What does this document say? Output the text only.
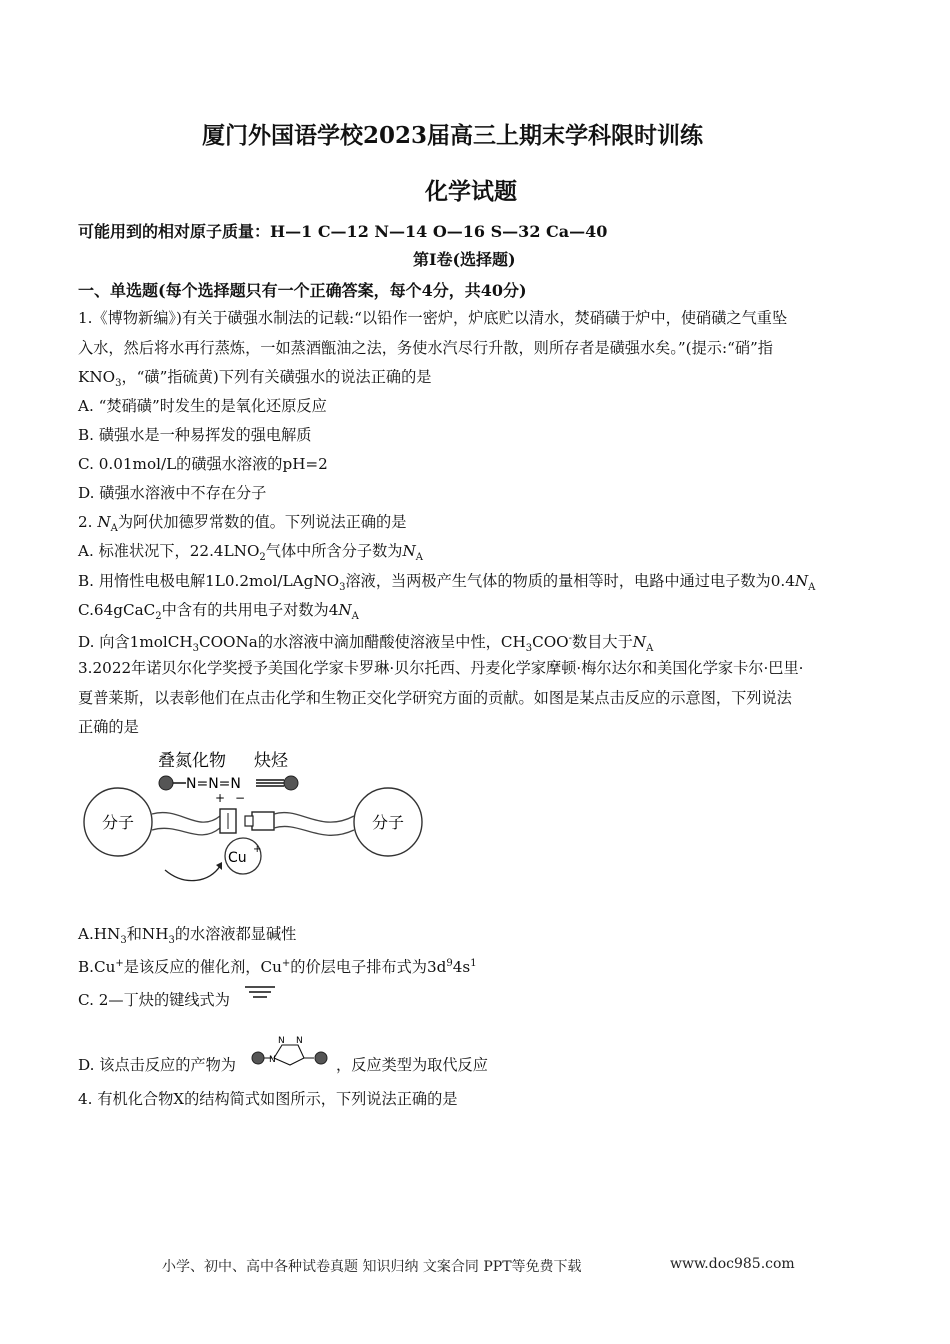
厦门外国语学校2023届高三上期末学科限时训练
化学试题
可能用到的相对原子质量：H—1 C—12 N—14 O—16 S—32 Ca—40
第Ⅰ卷(选择题)
一、单选题(每个选择题只有一个正确答案，每个4分，共40分)
1.《博物新编》)有关于磺强水制法的记载:“以铅作一密炉，炉底贮以清水，焚硝磺于炉中，使硝磺之气重坠
入水，然后将水再行蒸炼，一如蒸酒甑油之法，务使水汽尽行升散，则所存者是磺强水矣。”(提示:“硝”指
$KNO_3$，“磺”指硫黄)下列有关磺强水的说法正确的是
A. “焚硝磺”时发生的是氧化还原反应
B. 磺强水是一种易挥发的强电解质
C. 0.01mol/L的磺强水溶液的pH=2
D. 磺强水溶液中不存在分子
2. $N_A$为阿伏加德罗常数的值。下列说法正确的是
A. 标准状况下，$22.4LNO_2$气体中所含分子数为$N_A$
B. 用惰性电极电解1L0.2mol/LAgNO$_3$溶液，当两极产生气体的物质的量相等时，电路中通过电子数为$0.4N_A$
C.64gCaC$_2$中含有的共用电子对数为$4N_A$
D. 向含1molCH$_3$COONa的水溶液中滴加醋酸使溶液呈中性，$CH_3COO^-$数目大于$N_A$
3.2022年诺贝尔化学奖授予美国化学家卡罗琳·贝尔托西、丹麦化学家摩顿·梅尔达尔和美国化学家卡尔·巴里·
夏普莱斯，以表彰他们在点击化学和生物正交化学研究方面的贡献。如图是某点击反应的示意图，下列说法
正确的是
叠氮化物 炔烃
N=N=N
+ −
分子	分子
Cu
+
$A.HN_3$和$NH_3$的水溶液都显碱性
B.Cu+是该反应的催化剂，Cu+的价层电子排布式为$3d^94s^1$
C. 2—丁炔的键线式为
D. 该点击反应的产物为	N
N N
，反应类型为取代反应
4. 有机化合物X的结构简式如图所示，下列说法正确的是
小学、初中、高中各种试卷真题 知识归纳 文案合同 PPT等免费下载	www.doc985.com
